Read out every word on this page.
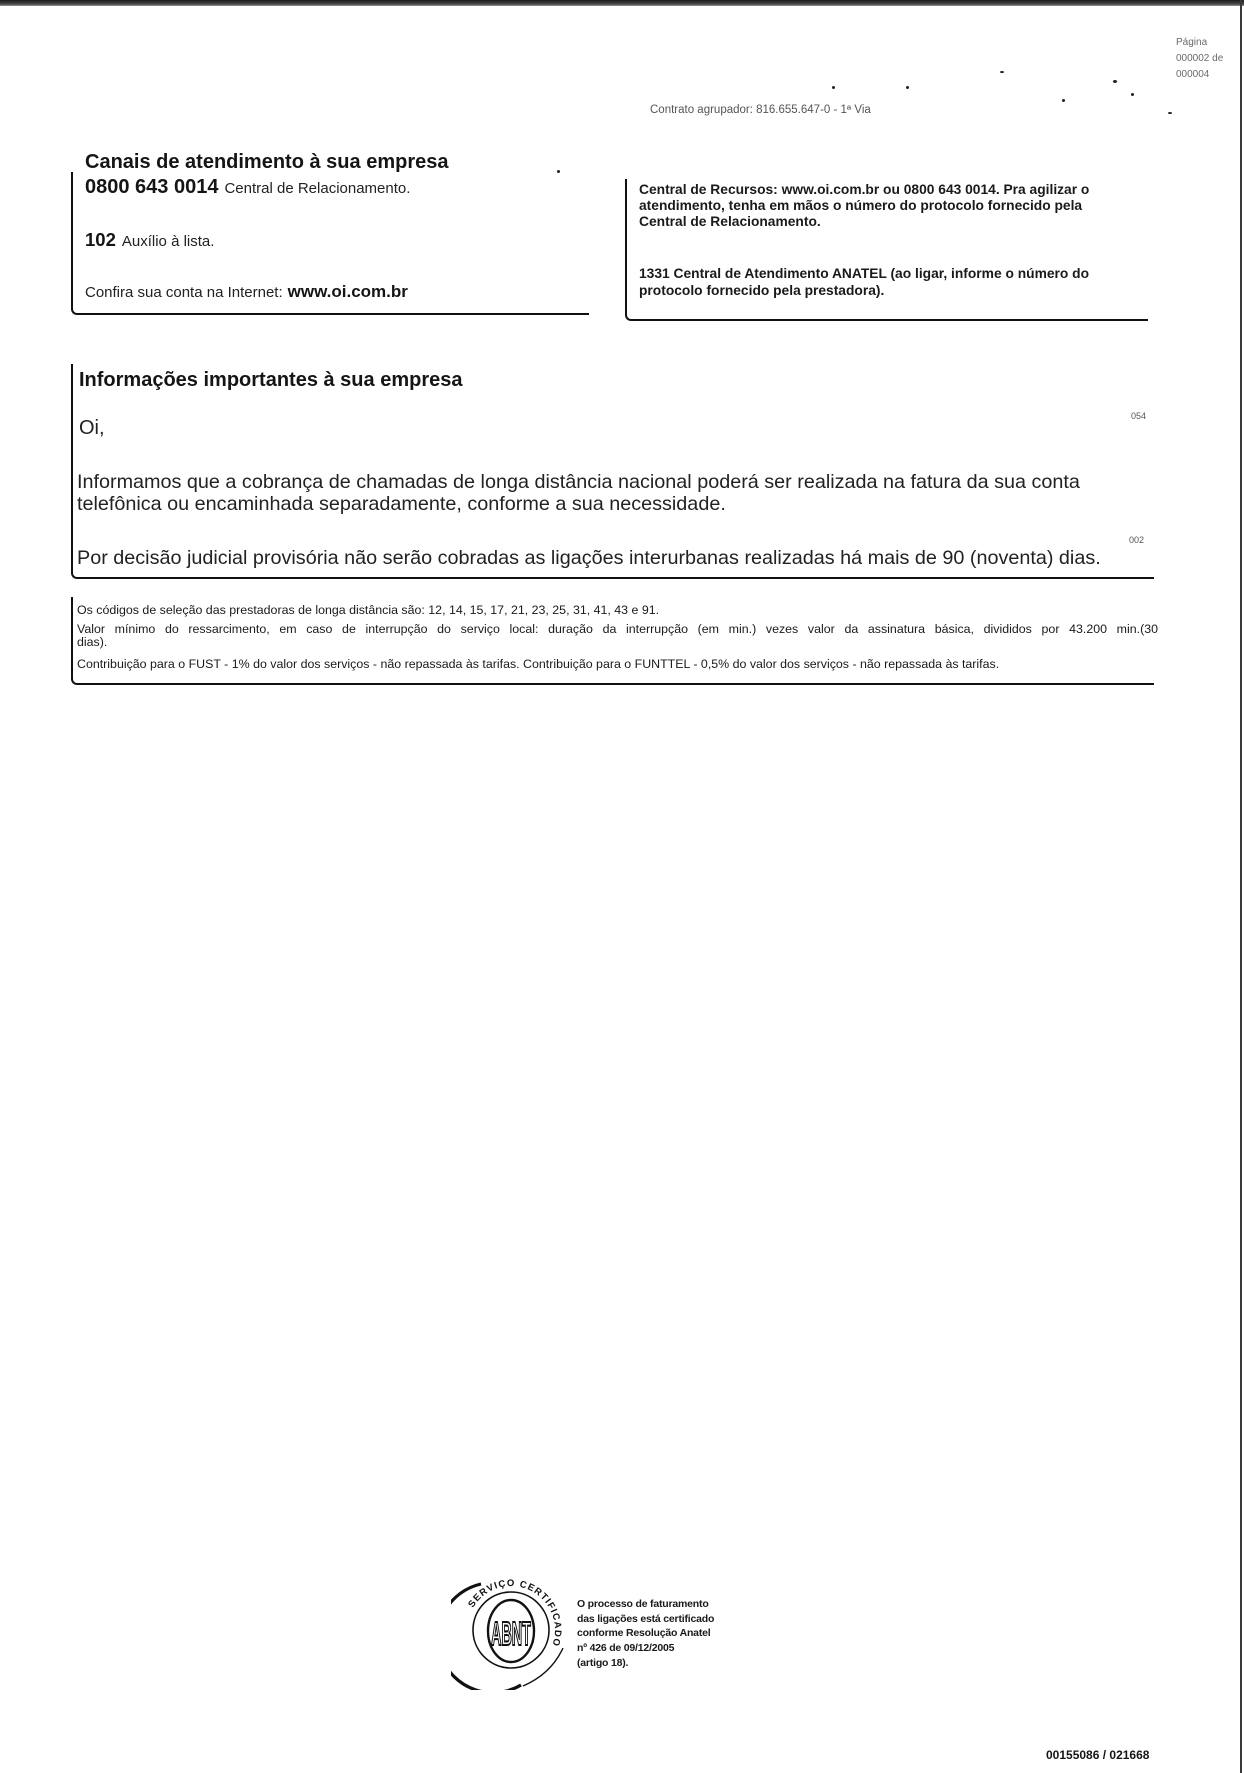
Página
000002 de
000004
Contrato agrupador: 816.655.647-0 - 1ª Via
Canais de atendimento à sua empresa
0800 643 0014 Central de Relacionamento.
102 Auxílio à lista.
Confira sua conta na Internet: www.oi.com.br
Central de Recursos: www.oi.com.br ou 0800 643 0014. Pra agilizar o
atendimento, tenha em mãos o número do protocolo fornecido pela
Central de Relacionamento.
1331 Central de Atendimento ANATEL (ao ligar, informe o número do
protocolo fornecido pela prestadora).
Informações importantes à sua empresa
054
Oi,
Informamos que a cobrança de chamadas de longa distância nacional poderá ser realizada na fatura da sua conta
telefônica ou encaminhada separadamente, conforme a sua necessidade.
002
Por decisão judicial provisória não serão cobradas as ligações interurbanas realizadas há mais de 90 (noventa) dias.
Os códigos de seleção das prestadoras de longa distância são: 12, 14, 15, 17, 21, 23, 25, 31, 41, 43 e 91.
Valor mínimo do ressarcimento, em caso de interrupção do serviço local: duração da interrupção (em min.) vezes valor da assinatura básica, divididos por 43.200 min.(30
dias).
Contribuição para o FUST - 1% do valor dos serviços - não repassada às tarifas. Contribuição para o FUNTTEL - 0,5% do valor dos serviços - não repassada às tarifas.
SERVIÇO CERTIFICADO
ABNT
O processo de faturamento
das ligações está certificado
conforme Resolução Anatel
nº 426 de 09/12/2005
(artigo 18).
00155086 / 021668
